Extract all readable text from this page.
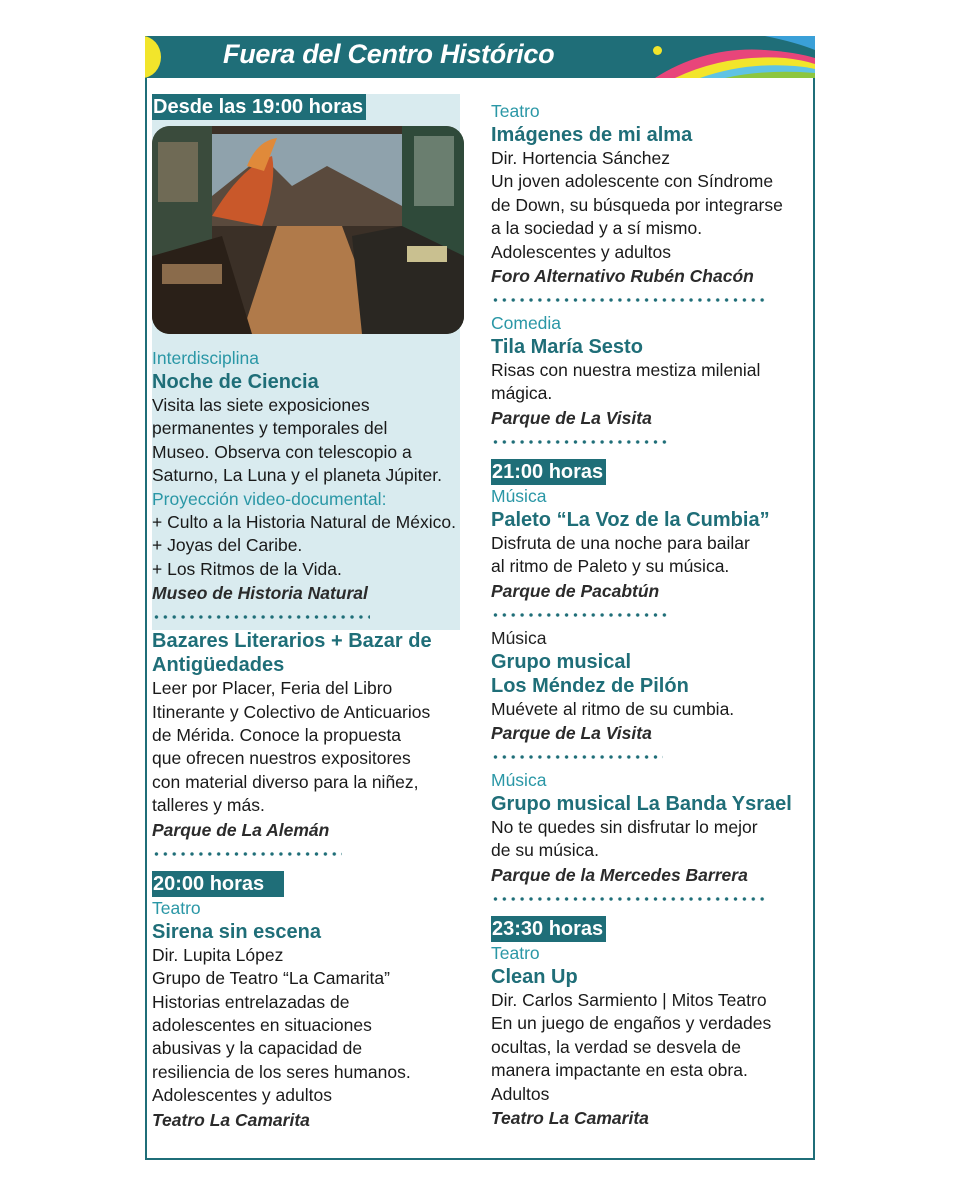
Fuera del Centro Histórico
Desde las 19:00 horas
Interdisciplina
Noche de Ciencia
Visita las siete exposiciones
permanentes y temporales del
Museo. Observa con telescopio a
Saturno, La Luna y el planeta Júpiter.
Proyección video-documental:
+ Culto a la Historia Natural de México.
+ Joyas del Caribe.
+ Los Ritmos de la Vida.
Museo de Historia Natural
Bazares Literarios + Bazar de
Antigüedades
Leer por Placer, Feria del Libro
Itinerante y Colectivo de Anticuarios
de Mérida. Conoce la propuesta
que ofrecen nuestros expositores
con material diverso para la niñez,
talleres y más.
Parque de La Alemán
20:00 horas
Teatro
Sirena sin escena
Dir. Lupita López
Grupo de Teatro “La Camarita”
Historias entrelazadas de
adolescentes en situaciones
abusivas y la capacidad de
resiliencia de los seres humanos.
Adolescentes y adultos
Teatro La Camarita
Teatro
Imágenes de mi alma
Dir. Hortencia Sánchez
Un joven adolescente con Síndrome
de Down, su búsqueda por integrarse
a la sociedad y a sí mismo.
Adolescentes y adultos
Foro Alternativo Rubén Chacón
Comedia
Tila María Sesto
Risas con nuestra mestiza milenial
mágica.
Parque de La Visita
21:00 horas
Música
Paleto “La Voz de la Cumbia”
Disfruta de una noche para bailar
al ritmo de Paleto y su música.
Parque de Pacabtún
Música
Grupo musical
Los Méndez de Pilón
Muévete al ritmo de su cumbia.
Parque de La Visita
Música
Grupo musical La Banda Ysrael
No te quedes sin disfrutar lo mejor
de su música.
Parque de la Mercedes Barrera
23:30 horas
Teatro
Clean Up
Dir. Carlos Sarmiento | Mitos Teatro
En un juego de engaños y verdades
ocultas, la verdad se desvela de
manera impactante en esta obra.
Adultos
Teatro La Camarita
